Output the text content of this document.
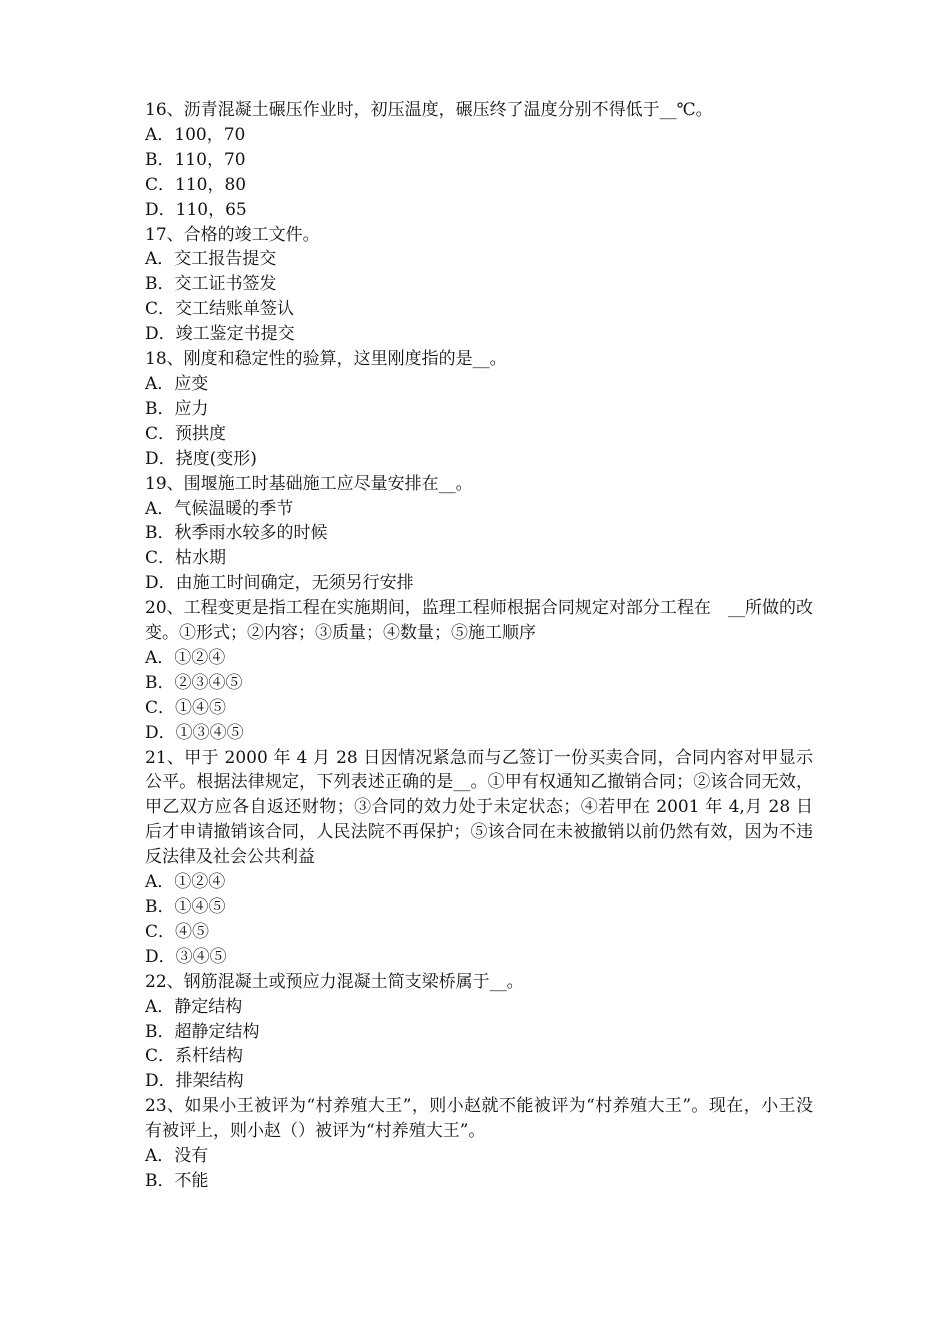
16、沥青混凝土碾压作业时，初压温度，碾压终了温度分别不得低于__℃。

A．100，70

B．110，70

C．110，80

D．110，65

17、合格的竣工文件。

A．交工报告提交

B．交工证书签发

C．交工结账单签认

D．竣工鉴定书提交

18、刚度和稳定性的验算，这里刚度指的是__。

A．应变

B．应力

C．预拱度

D．挠度(变形)

19、围堰施工时基础施工应尽量安排在__。

A．气候温暖的季节

B．秋季雨水较多的时候

C．枯水期

D．由施工时间确定，无须另行安排

20、工程变更是指工程在实施期间，监理工程师根据合同规定对部分工程在　__所做的改变。①形式；②内容；③质量；④数量；⑤施工顺序

A．①②④

B．②③④⑤

C．①④⑤

D．①③④⑤

21、甲于 2000 年 4 月 28 日因情况紧急而与乙签订一份买卖合同，合同内容对甲显示公平。根据法律规定，下列表述正确的是__。①甲有权通知乙撤销合同；②该合同无效，甲乙双方应各自返还财物；③合同的效力处于未定状态；④若甲在 2001 年 4,月 28 日后才申请撤销该合同，人民法院不再保护；⑤该合同在未被撤销以前仍然有效，因为不违反法律及社会公共利益

A．①②④

B．①④⑤

C．④⑤

D．③④⑤

22、钢筋混凝土或预应力混凝土简支梁桥属于__。

A．静定结构

B．超静定结构

C．系杆结构

D．排架结构

23、如果小王被评为“村养殖大王”，则小赵就不能被评为“村养殖大王”。现在，小王没有被评上，则小赵（）被评为“村养殖大王”。

A．没有

B．不能
